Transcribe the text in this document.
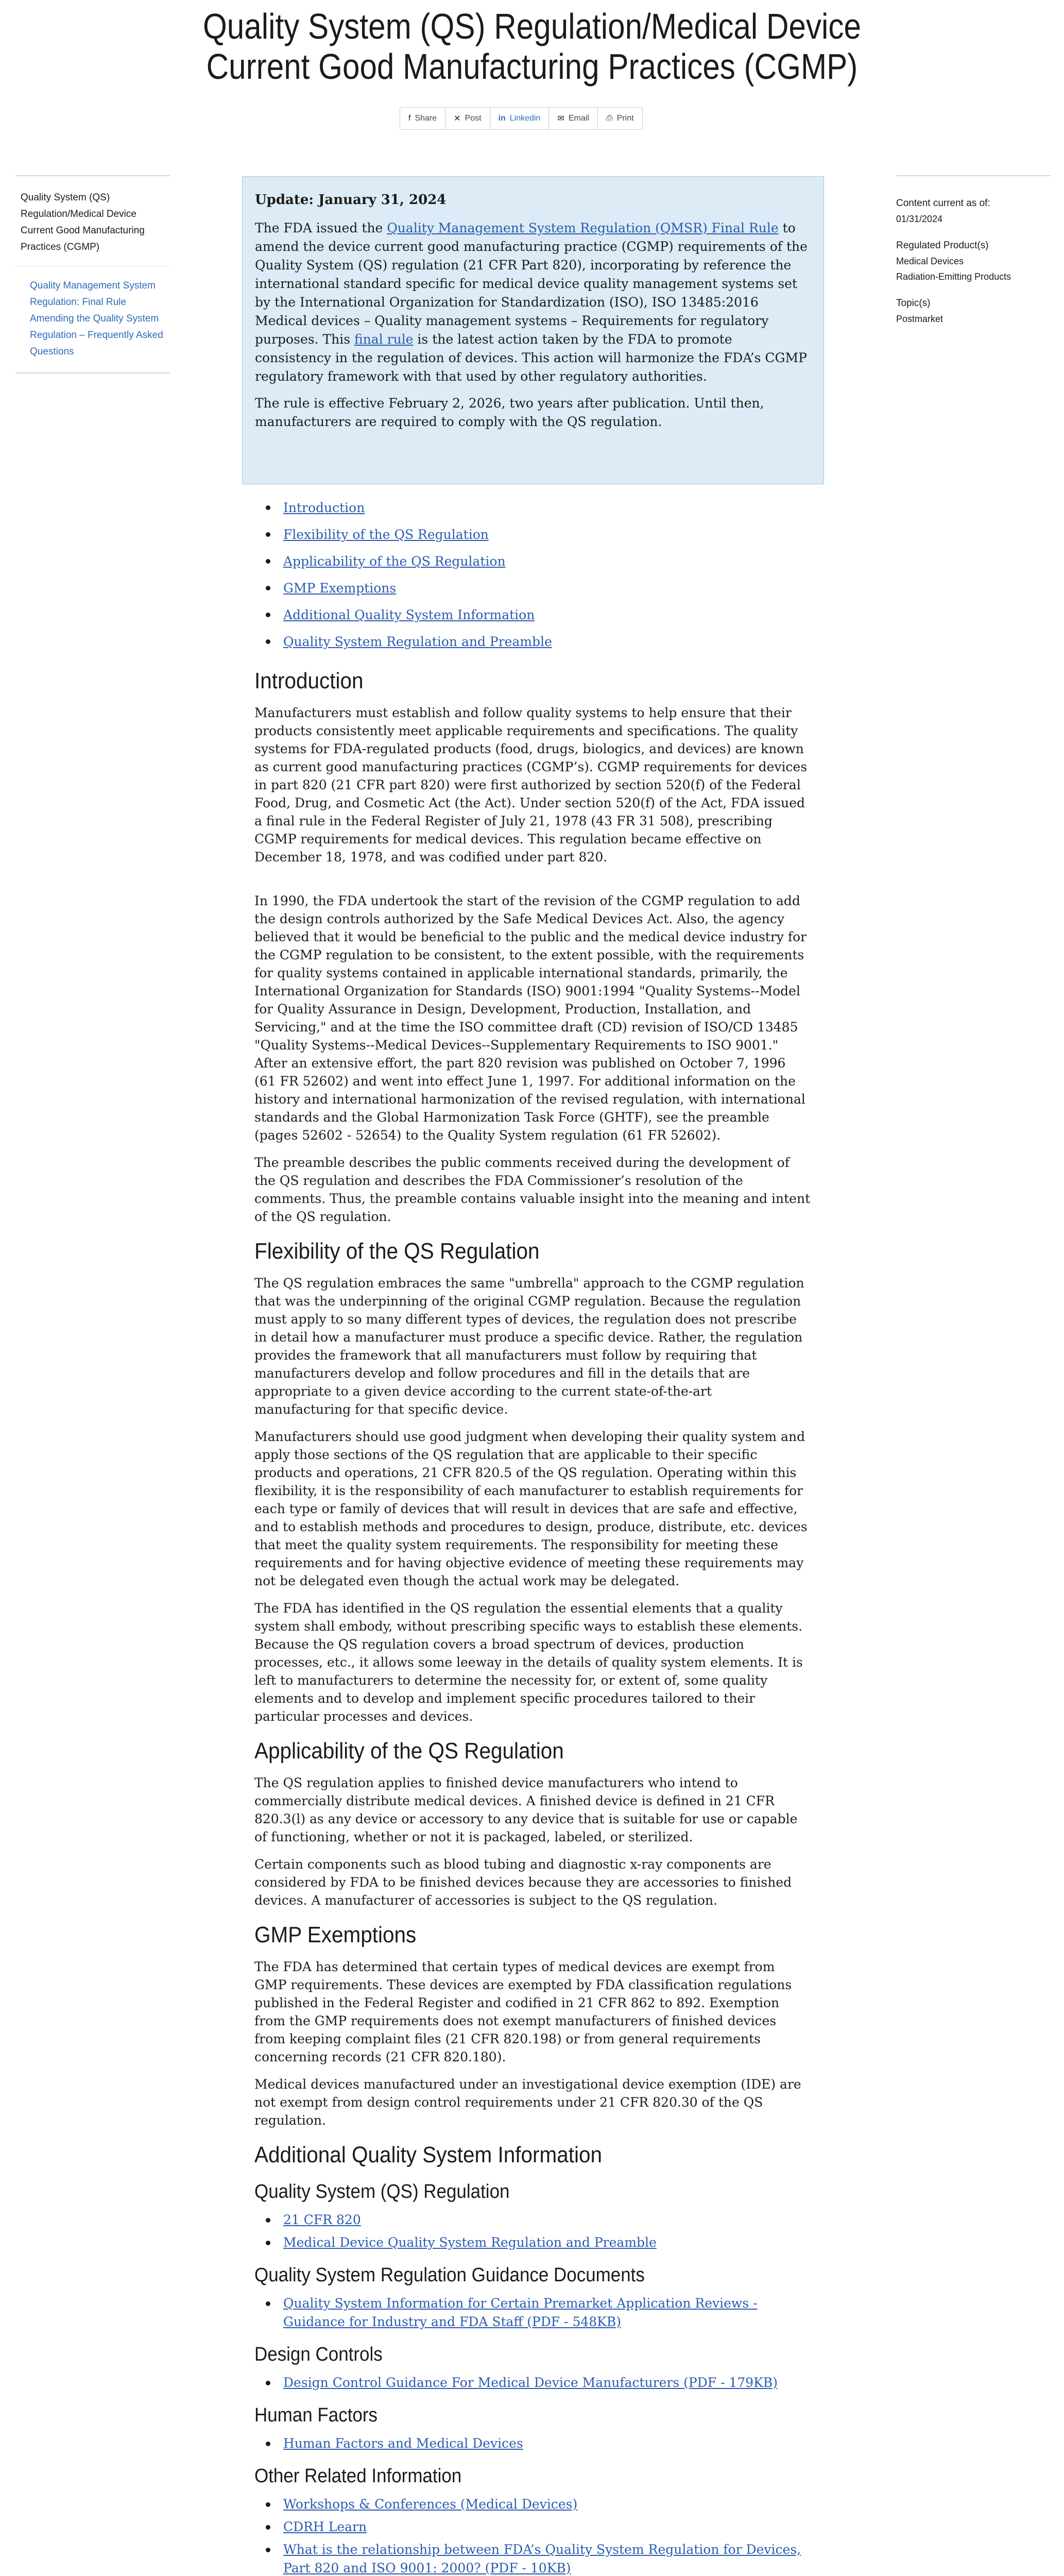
Quality System (QS) Regulation/Medical Device Current Good Manufacturing Practices (CGMP)
f Share ✕ Post in Linkedin ✉ Email ⎙ Print
Quality System (QS) Regulation/Medical Device Current Good Manufacturing Practices (CGMP)
Quality Management System Regulation: Final Rule
Amending the Quality System Regulation – Frequently Asked Questions
Content current as of:
01/31/2024
Regulated Product(s)
Medical Devices
Radiation-Emitting Products
Topic(s)
Postmarket
Update: January 31, 2024

The FDA issued the Quality Management System Regulation (QMSR) Final Rule to amend the device current good manufacturing practice (CGMP) requirements of the Quality System (QS) regulation (21 CFR Part 820), incorporating by reference the international standard specific for medical device quality management systems set by the International Organization for Standardization (ISO), ISO 13485:2016 Medical devices – Quality management systems – Requirements for regulatory purposes. This final rule is the latest action taken by the FDA to promote consistency in the regulation of devices. This action will harmonize the FDA’s CGMP regulatory framework with that used by other regulatory authorities.

The rule is effective February 2, 2026, two years after publication. Until then, manufacturers are required to comply with the QS regulation.

Introduction
Flexibility of the QS Regulation
Applicability of the QS Regulation
GMP Exemptions
Additional Quality System Information
Quality System Regulation and Preamble
Introduction

Manufacturers must establish and follow quality systems to help ensure that their products consistently meet applicable requirements and specifications. The quality systems for FDA-regulated products (food, drugs, biologics, and devices) are known as current good manufacturing practices (CGMP’s). CGMP requirements for devices in part 820 (21 CFR part 820) were first authorized by section 520(f) of the Federal Food, Drug, and Cosmetic Act (the Act). Under section 520(f) of the Act, FDA issued a final rule in the Federal Register of July 21, 1978 (43 FR 31 508), prescribing CGMP requirements for medical devices. This regulation became effective on December 18, 1978, and was codified under part 820.

In 1990, the FDA undertook the start of the revision of the CGMP regulation to add the design controls authorized by the Safe Medical Devices Act. Also, the agency believed that it would be beneficial to the public and the medical device industry for the CGMP regulation to be consistent, to the extent possible, with the requirements for quality systems contained in applicable international standards, primarily, the International Organization for Standards (ISO) 9001:1994 "Quality Systems--Model for Quality Assurance in Design, Development, Production, Installation, and Servicing," and at the time the ISO committee draft (CD) revision of ISO/CD 13485 "Quality Systems--Medical Devices--Supplementary Requirements to ISO 9001." After an extensive effort, the part 820 revision was published on October 7, 1996 (61 FR 52602) and went into effect June 1, 1997. For additional information on the history and international harmonization of the revised regulation, with international standards and the Global Harmonization Task Force (GHTF), see the preamble (pages 52602 - 52654) to the Quality System regulation (61 FR 52602).

The preamble describes the public comments received during the development of the QS regulation and describes the FDA Commissioner’s resolution of the comments. Thus, the preamble contains valuable insight into the meaning and intent of the QS regulation.

Flexibility of the QS Regulation

The QS regulation embraces the same "umbrella" approach to the CGMP regulation that was the underpinning of the original CGMP regulation. Because the regulation must apply to so many different types of devices, the regulation does not prescribe in detail how a manufacturer must produce a specific device. Rather, the regulation provides the framework that all manufacturers must follow by requiring that manufacturers develop and follow procedures and fill in the details that are appropriate to a given device according to the current state-of-the-art manufacturing for that specific device.

Manufacturers should use good judgment when developing their quality system and apply those sections of the QS regulation that are applicable to their specific products and operations, 21 CFR 820.5 of the QS regulation. Operating within this flexibility, it is the responsibility of each manufacturer to establish requirements for each type or family of devices that will result in devices that are safe and effective, and to establish methods and procedures to design, produce, distribute, etc. devices that meet the quality system requirements. The responsibility for meeting these requirements and for having objective evidence of meeting these requirements may not be delegated even though the actual work may be delegated.

The FDA has identified in the QS regulation the essential elements that a quality system shall embody, without prescribing specific ways to establish these elements. Because the QS regulation covers a broad spectrum of devices, production processes, etc., it allows some leeway in the details of quality system elements. It is left to manufacturers to determine the necessity for, or extent of, some quality elements and to develop and implement specific procedures tailored to their particular processes and devices.

Applicability of the QS Regulation

The QS regulation applies to finished device manufacturers who intend to commercially distribute medical devices. A finished device is defined in 21 CFR 820.3(l) as any device or accessory to any device that is suitable for use or capable of functioning, whether or not it is packaged, labeled, or sterilized.

Certain components such as blood tubing and diagnostic x-ray components are considered by FDA to be finished devices because they are accessories to finished devices. A manufacturer of accessories is subject to the QS regulation.

GMP Exemptions

The FDA has determined that certain types of medical devices are exempt from GMP requirements. These devices are exempted by FDA classification regulations published in the Federal Register and codified in 21 CFR 862 to 892. Exemption from the GMP requirements does not exempt manufacturers of finished devices from keeping complaint files (21 CFR 820.198) or from general requirements concerning records (21 CFR 820.180).

Medical devices manufactured under an investigational device exemption (IDE) are not exempt from design control requirements under 21 CFR 820.30 of the QS regulation.

Additional Quality System Information
Quality System (QS) Regulation
21 CFR 820
Medical Device Quality System Regulation and Preamble
Quality System Regulation Guidance Documents
Quality System Information for Certain Premarket Application Reviews - Guidance for Industry and FDA Staff (PDF - 548KB)
Design Controls
Design Control Guidance For Medical Device Manufacturers (PDF - 179KB)
Human Factors
Human Factors and Medical Devices
Other Related Information
Workshops & Conferences (Medical Devices)
CDRH Learn
What is the relationship between FDA’s Quality System Regulation for Devices, Part 820 and ISO 9001: 2000? (PDF - 10KB)
